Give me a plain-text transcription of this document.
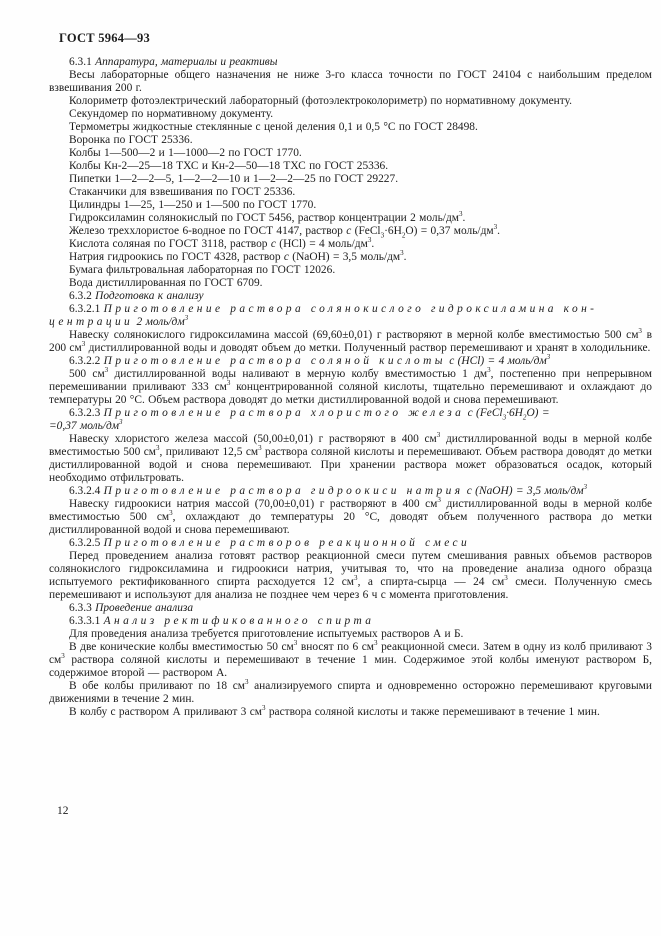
ГОСТ 5964—93

6.3.1 Аппаратура, материалы и реактивы

Весы лабораторные общего назначения не ниже 3-го класса точности по ГОСТ 24104 с наибольшим пределом взвешивания 200 г.

Колориметр фотоэлектрический лабораторный (фотоэлектроколориметр) по нормативному документу.

Секундомер по нормативному документу.

Термометры жидкостные стеклянные с ценой деления 0,1 и 0,5 °С по ГОСТ 28498.

Воронка по ГОСТ 25336.

Колбы 1—500—2 и 1—1000—2 по ГОСТ 1770.

Колбы Кн-2—25—18 ТХС и Кн-2—50—18 ТХС по ГОСТ 25336.

Пипетки 1—2—2—5, 1—2—2—10 и 1—2—2—25 по ГОСТ 29227.

Стаканчики для взвешивания по ГОСТ 25336.

Цилиндры 1—25, 1—250 и 1—500 по ГОСТ 1770.

Гидроксиламин солянокислый по ГОСТ 5456, раствор концентрации 2 моль/$дм^3$.

Железо треххлористое 6-водное по ГОСТ 4147, раствор с $(FeCl_3\cdot 6H_2O) = 0,37$ моль/$дм^3$.

Кислота соляная по ГОСТ 3118, раствор с (HCl) = 4 моль/$дм^3$.

Натрия гидроокись по ГОСТ 4328, раствор с (NaOH) = 3,5 моль/$дм^3$.

Бумага фильтровальная лабораторная по ГОСТ 12026.

Вода дистиллированная по ГОСТ 6709.

6.3.2 Подготовка к анализу

6.3.2.1 Приготовление раствора солянокислого гидроксиламина кон-
центрации 2 моль/$дм^3$

Навеску солянокислого гидроксиламина массой (69,60±0,01) г растворяют в мерной колбе вместимостью 500 $см^3$ в 200 $см^3$ дистиллированной воды и доводят объем до метки. Полученный раствор перемешивают и хранят в холодильнике.

6.3.2.2 Приготовление раствора соляной кислоты с (HCl) = 4 моль/$дм^3$

500 $см^3$ дистиллированной воды наливают в мерную колбу вместимостью 1 $дм^3$, постепенно при непрерывном перемешивании приливают 333 $см^3$ концентрированной соляной кислоты, тщательно перемешивают и охлаждают до температуры 20 °С. Объем раствора доводят до метки дистиллированной водой и снова перемешивают.

6.3.2.3 Приготовление раствора хлористого железа с $(FeCl_3\cdot 6H_2O)$ =
=0,37 моль/$дм^3$

Навеску хлористого железа массой (50,00±0,01) г растворяют в 400 $см^3$ дистиллированной воды в мерной колбе вместимостью 500 $см^3$, приливают 12,5 $см^3$ раствора соляной кислоты и перемешивают. Объем раствора доводят до метки дистиллированной водой и снова перемешивают. При хранении раствора может образоваться осадок, который необходимо отфильтровать.

6.3.2.4 Приготовление раствора гидроокиси натрия с (NaOH) = 3,5 моль/$дм^3$

Навеску гидроокиси натрия массой (70,00±0,01) г растворяют в 400 $см^3$ дистиллированной воды в мерной колбе вместимостью 500 $см^3$, охлаждают до температуры 20 °С, доводят объем полученного раствора до метки дистиллированной водой и снова перемешивают.

6.3.2.5 Приготовление растворов реакционной смеси

Перед проведением анализа готовят раствор реакционной смеси путем смешивания равных объемов растворов солянокислого гидроксиламина и гидроокиси натрия, учитывая то, что на проведение анализа одного образца испытуемого ректификованного спирта расходуется 12 $см^3$, а спирта-сырца — 24 $см^3$ смеси. Полученную смесь перемешивают и используют для анализа не позднее чем через 6 ч с момента приготовления.

6.3.3 Проведение анализа

6.3.3.1 Анализ ректификованного спирта

Для проведения анализа требуется приготовление испытуемых растворов А и Б.

В две конические колбы вместимостью 50 $см^3$ вносят по 6 $см^3$ реакционной смеси. Затем в одну из колб приливают 3 $см^3$ раствора соляной кислоты и перемешивают в течение 1 мин. Содержимое этой колбы именуют раствором Б, содержимое второй — раствором А.

В обе колбы приливают по 18 $см^3$ анализируемого спирта и одновременно осторожно перемешивают круговыми движениями в течение 2 мин.

В колбу с раствором А приливают 3 $см^3$ раствора соляной кислоты и также перемешивают в течение 1 мин.

12
